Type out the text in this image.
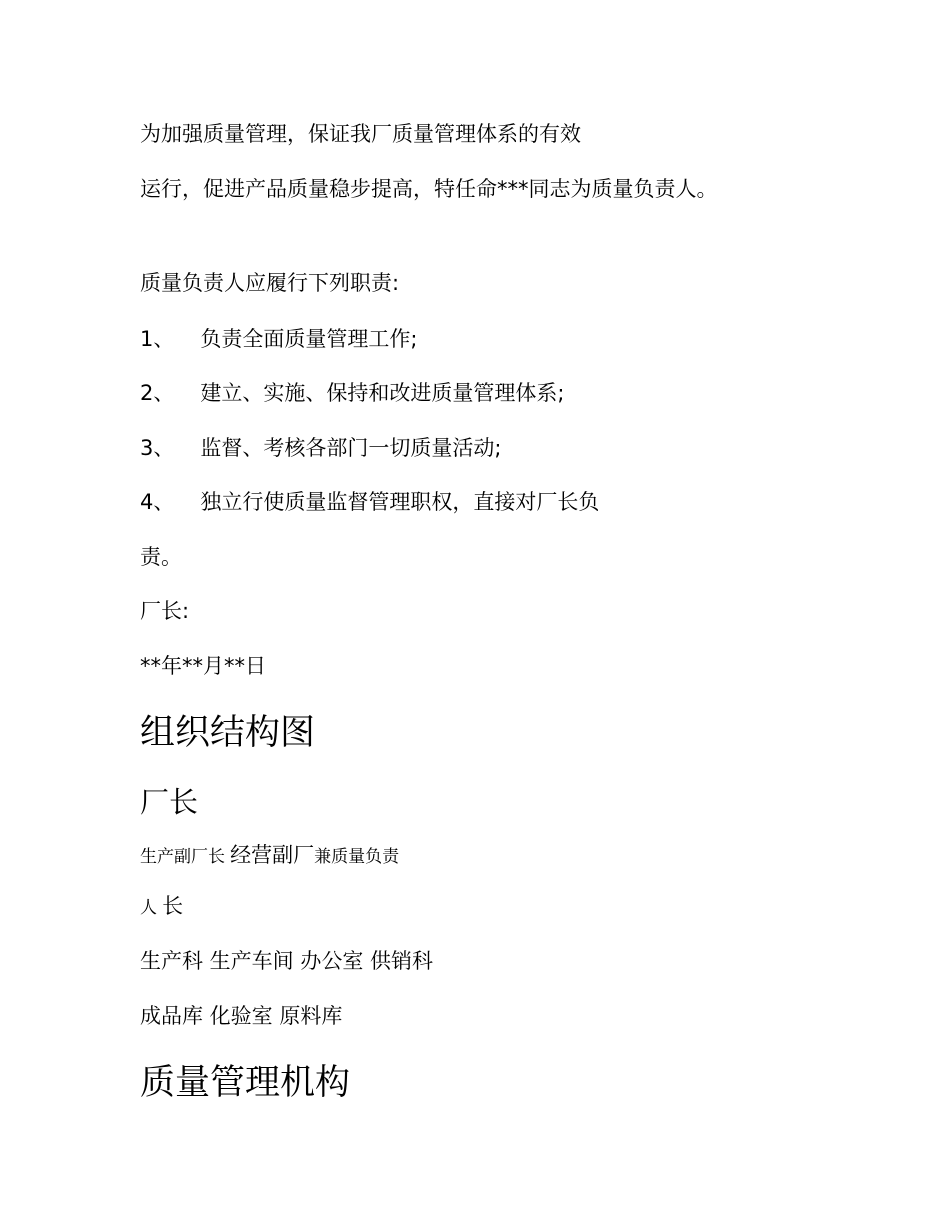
为加强质量管理，保证我厂质量管理体系的有效
运行，促进产品质量稳步提高，特任命***同志为质量负责人。
质量负责人应履行下列职责:
1、 负责全面质量管理工作;
2、 建立、实施、保持和改进质量管理体系;
3、 监督、考核各部门一切质量活动;
4、 独立行使质量监督管理职权，直接对厂长负
责。
厂长:
**年**月**日
组织结构图
厂长
生产副厂长 经营副厂兼质量负责
人 长
生产科 生产车间 办公室 供销科
成品库 化验室 原料库
质量管理机构
